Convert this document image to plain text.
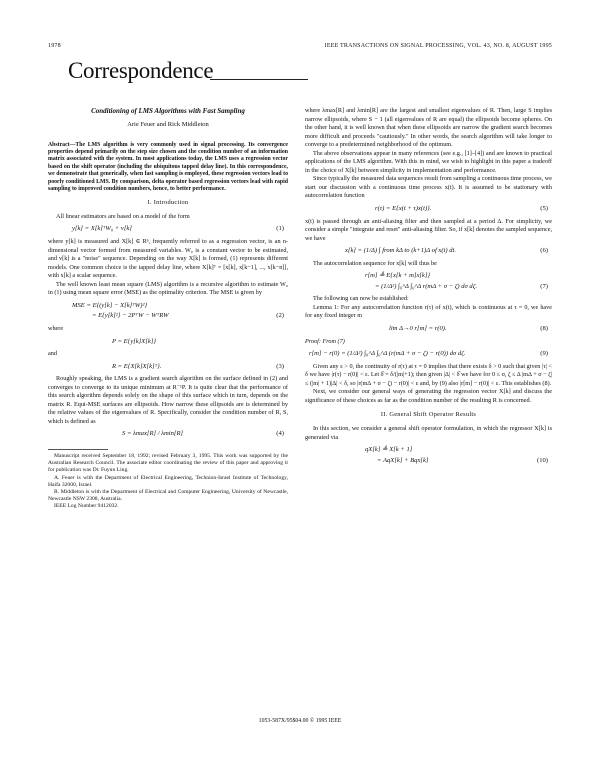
1978	IEEE TRANSACTIONS ON SIGNAL PROCESSING, VOL. 43, NO. 8, AUGUST 1995
Correspondence
Conditioning of LMS Algorithms with Fast Sampling
Arie Feuer and Rick Middleton

Abstract—The LMS algorithm is very commonly used in signal processing. Its convergence properties depend primarily on the step size chosen and the condition number of an information matrix associated with the system. In most applications today, the LMS uses a regression vector based on the shift operator (including the ubiquitous tapped delay line). In this correspondence, we demonstrate that generically, when fast sampling is employed, these regression vectors lead to poorly conditioned LMS. By comparison, delta operator based regression vectors lead with rapid sampling to improved condition numbers, hence, to better performance.

I. Introduction

All linear estimators are based on a model of the form

y[k] = X[k]ᵀW₀ + v[k]	(1)

where y[k] is measured and X[k] ∈ Rⁿ, frequently referred to as a regression vector, is an n-dimensional vector formed from measured variables. W₀ is a constant vector to be estimated, and v[k] is a "noise" sequence. Depending on the way X[k] is formed, (1) represents different models. One common choice is the tapped delay line, where X[k]ᵀ = [x[k], x[k−1], ..., x[k−n]], with x[k] a scalar sequence.

The well known least mean square (LMS) algorithm is a recursive algorithm to estimate W₀ in (1) using mean square error (MSE) as the optimality criterion. The MSE is given by

MSE = E{(y[k] − X[k]ᵀW)²}
= E{y[k]²} − 2PᵀW − WᵀRW	(2)

where

P = E{y[k]X[k]}

and

R = E{X[k]X[k]ᵀ}.	(3)

Roughly speaking, the LMS is a gradient search algorithm on the surface defined in (2) and converges to converge to its unique minimum at R⁻¹P. It is quite clear that the performance of this search algorithm depends solely on the shape of this surface which in turn, depends on the matrix R. Equi-MSE surfaces are ellipsoids. How narrow these ellipsoids are is determined by the relative values of the eigenvalues of R. Specifically, consider the condition number of R, S, which is defined as

S = λmax[R] / λmin[R]	(4)

Manuscript received September 18, 1992; revised February 3, 1995. This work was supported by the Australian Research Council. The associate editor coordinating the review of this paper and approving it for publication was Dr. Fuyun Ling.

A. Feuer is with the Department of Electrical Engineering, Technion-Israel Institute of Technology, Haifa 32000, Israel.

R. Middleton is with the Department of Electrical and Computer Engineering, University of Newcastle, Newcastle NSW 2308, Australia.

IEEE Log Number 9412032.

where λmax[R] and λmin[R] are the largest and smallest eigenvalues of R. Then, large S implies narrow ellipsoids, where S − 1 (all eigenvalues of R are equal) the ellipsoids become spheres. On the other hand, it is well known that when these ellipsoids are narrow the gradient search becomes more difficult and proceeds "cautiously." In other words, the search algorithm will take longer to converge to a predetermined neighborhood of the optimum.

The above observations appear in many references (see e.g., [1]–[4]) and are known to practical applications of the LMS algorithm. With this in mind, we wish to highlight in this paper a tradeoff in the choice of X[k] between simplicity in implementation and performance.

Since typically the measured data sequences result from sampling a continuous time process, we start our discussion with a continuous time process x(t). It is assumed to be stationary with autocorrelation function

r(τ) = E{x(t + τ)x(t)}.	(5)

x(t) is passed through an anti-aliasing filter and then sampled at a period Δ. For simplicity, we consider a simple "integrate and reset" anti-aliasing filter. So, if x[k] denotes the sampled sequence, we have

x[k] = (1/Δ) ∫ from kΔ to (k+1)Δ of x(t) dt.	(6)

The autocorrelation sequence for x[k] will thus be

r[m] ≜ E{x[k + m]x[k]}
= (1/Δ²) ∫₀^Δ ∫₀^Δ r(mΔ + σ − ζ) dσ dζ.	(7)

The following can now be established:

Lemma 1: For any autocorrelation function r(τ) of x(t), which is continuous at τ = 0, we have for any fixed integer m

lim Δ→0 r[m] = r(0).	(8)

Proof: From (7)

r[m] − r(0) = (1/Δ²) ∫₀^Δ ∫₀^Δ (r(mΔ + σ − ζ) − r(0)) dσ dζ.	(9)

Given any ε > 0, the continuity of r(τ) at τ = 0 implies that there exists δ > 0 such that given |τ| < δ we have |r(τ) − r(0)| < ε. Let δ̂ = δ/(|m|+1); then given |Δ| < δ̂ we have for 0 ≤ σ, ζ ≤ Δ |mΔ + σ − ζ| ≤ (|m| + 1)|Δ| < δ, so |r(mΔ + σ − ζ) − r(0)| < ε and, by (9) also |r[m] − r(0)| < ε. This establishes (8).

Next, we consider our general ways of generating the regression vector X[k] and discuss the significance of these choices as far as the condition number of the resulting R is concerned.

II. General Shift Operator Results

In this section, we consider a general shift operator formulation, in which the regressor X[k] is generated via

qX[k] ≜ X[k + 1]
= AqX[k] + Bqx[k]	(10)
1053-587X/95$04.00 © 1995 IEEE
